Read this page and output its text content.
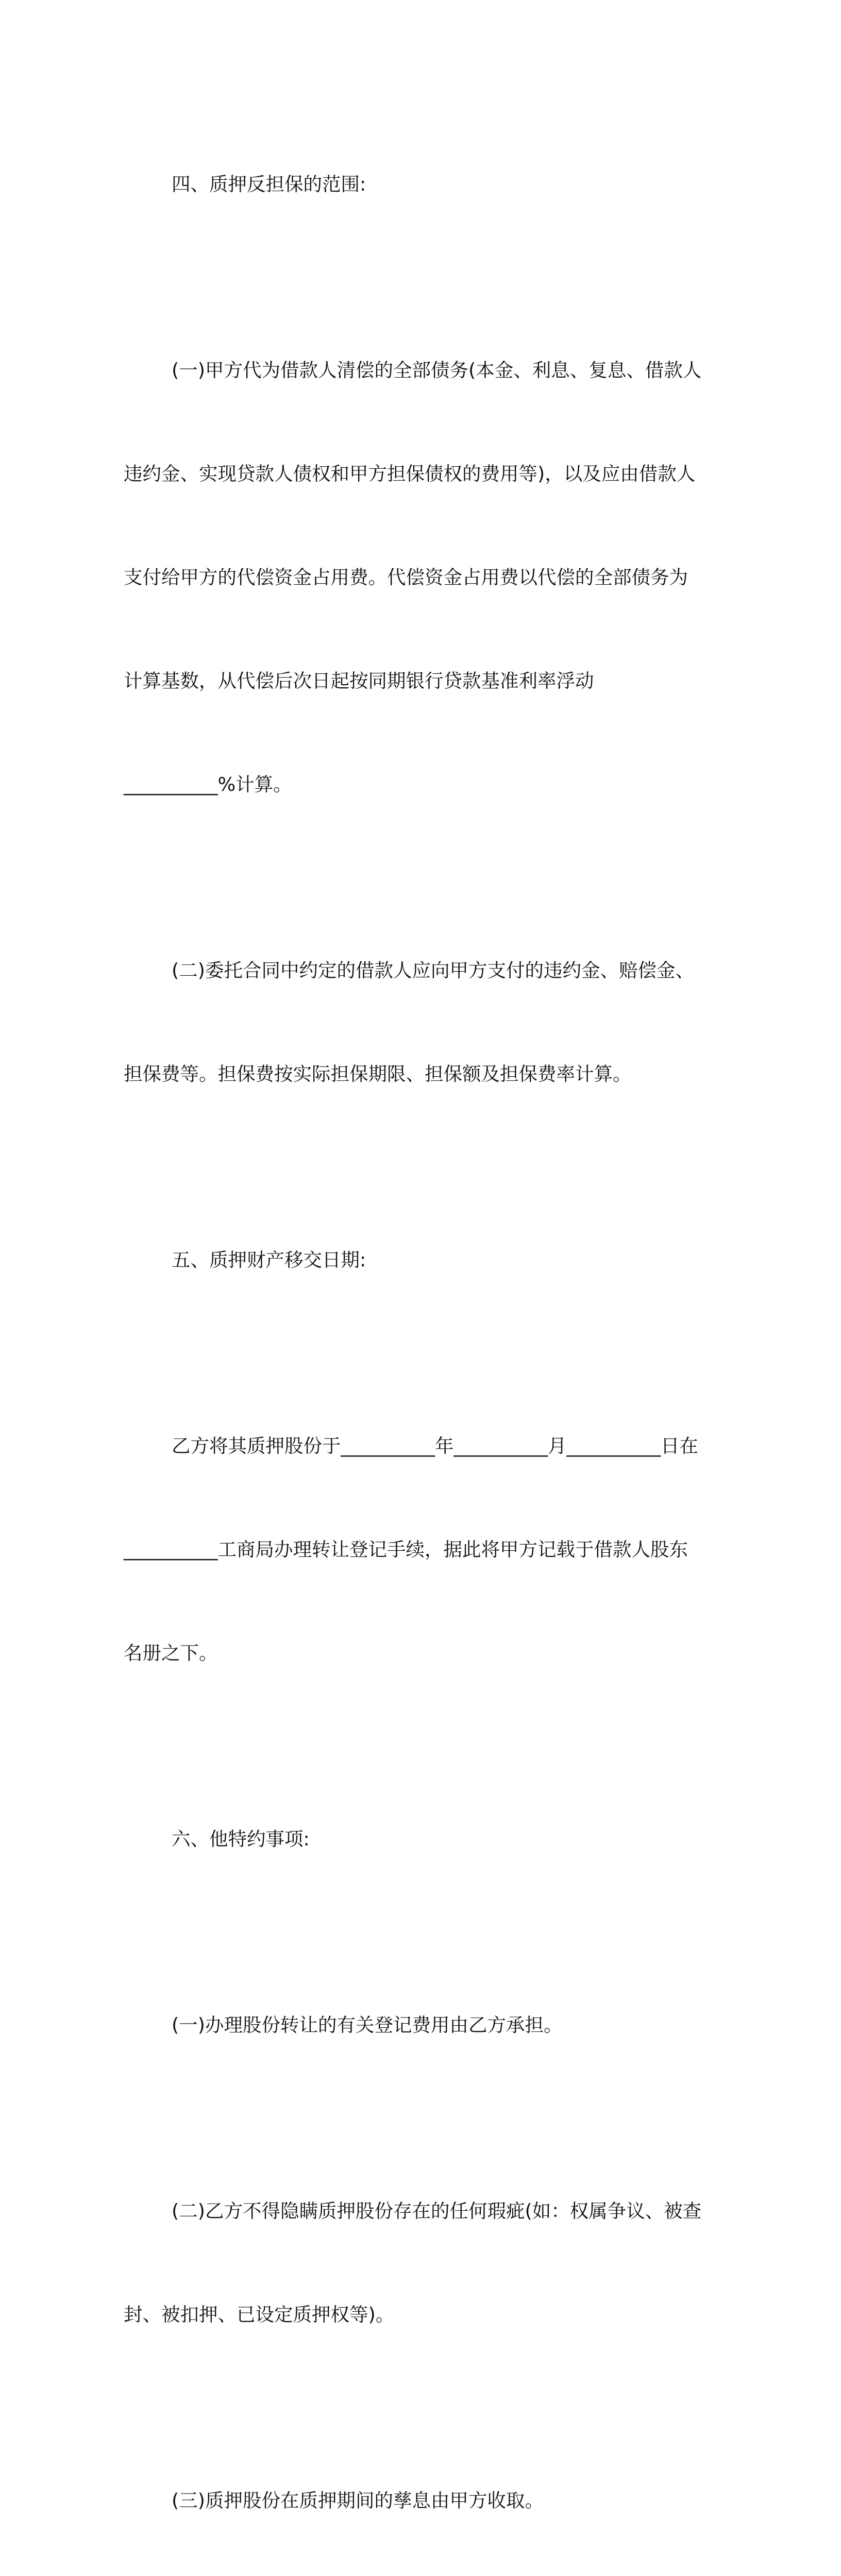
四、质押反担保的范围:

(一)甲方代为借款人清偿的全部债务(本金、利息、复息、借款人

违约金、实现贷款人债权和甲方担保债权的费用等)，以及应由借款人

支付给甲方的代偿资金占用费。代偿资金占用费以代偿的全部债务为

计算基数，从代偿后次日起按同期银行贷款基准利率浮动

__________%计算。

(二)委托合同中约定的借款人应向甲方支付的违约金、赔偿金、

担保费等。担保费按实际担保期限、担保额及担保费率计算。

五、质押财产移交日期:

乙方将其质押股份于__________年__________月__________日在

__________工商局办理转让登记手续，据此将甲方记载于借款人股东

名册之下。

六、他特约事项:

(一)办理股份转让的有关登记费用由乙方承担。

(二)乙方不得隐瞒质押股份存在的任何瑕疵(如：权属争议、被查

封、被扣押、已设定质押权等)。

(三)质押股份在质押期间的孳息由甲方收取。
